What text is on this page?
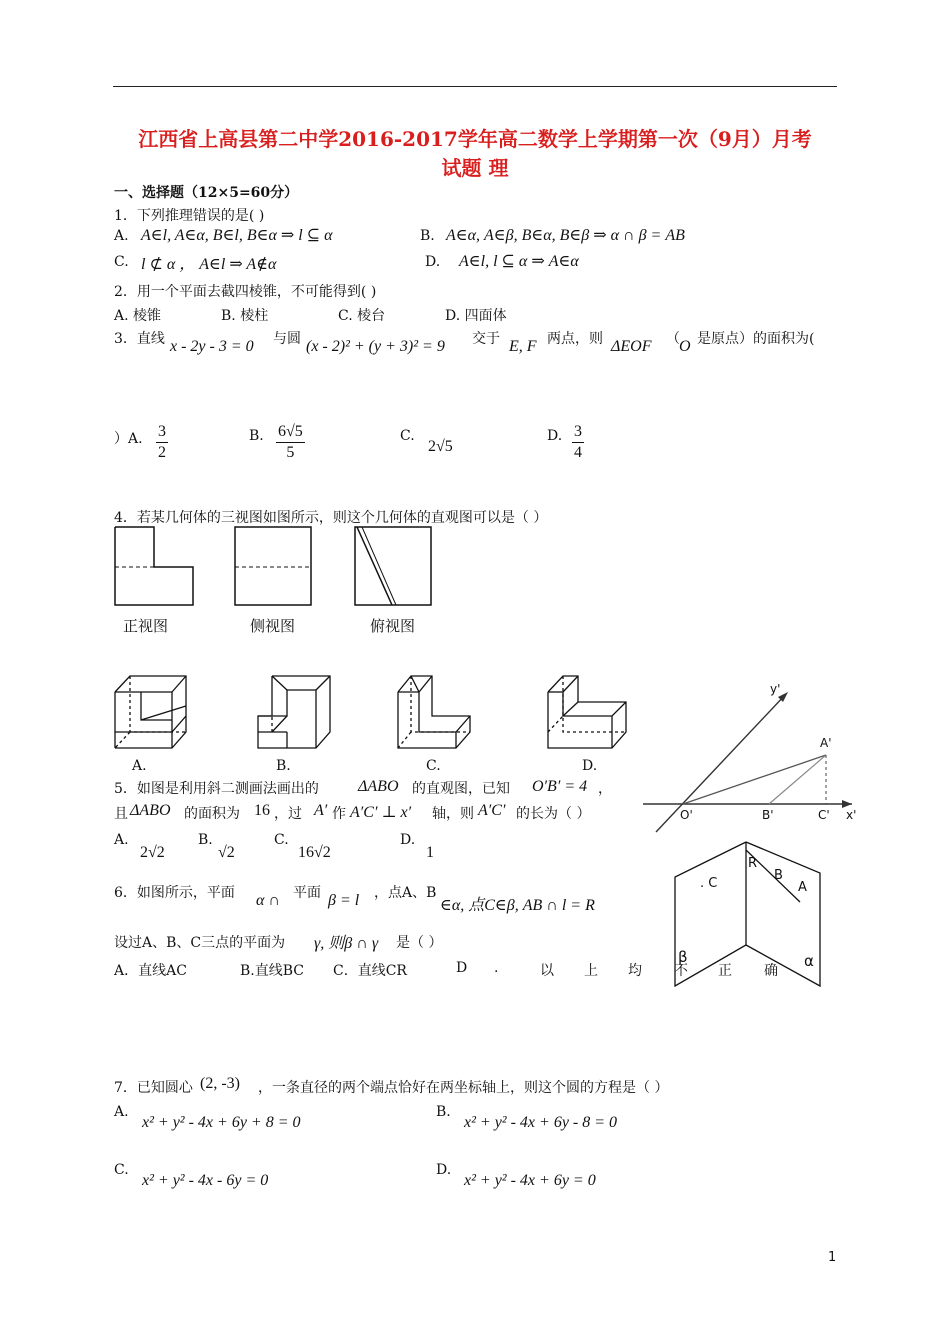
江西省上高县第二中学2016-2017学年高二数学上学期第一次（9月）月考
试题 理
一、选择题（12×5=60分）
1．下列推理错误的是( )
A. A∈l, A∈α, B∈l, B∈α ⇒ l ⊆ α	B. A∈α, A∈β, B∈α, B∈β ⇒ α ∩ β = AB
C. l ⊄ α ， A∈l ⇒ A∉α	D. A∈l, l ⊆ α ⇒ A∈α
2．用一个平面去截四棱锥，不可能得到( )
A. 棱锥	B. 棱柱	C. 棱台	D. 四面体
3．直线 x - 2y - 3 = 0 与圆 (x - 2)² + (y + 3)² = 9 交于 E, F 两点，则 ΔEOF （ O 是原点）的面积为(
）A. $\frac{3}{2}$	B. $\frac{6√5}{5}$	C.
2√5
D. $\frac{3}{4}$
4．若某几何体的三视图如图所示，则这个几何体的直观图可以是（ ）
正视图	侧视图	俯视图
A.	B.	C.	D.
5．如图是利用斜二测画法画出的 ΔABO 的直观图，已知 O′B′ = 4 ，
且 ΔABO 的面积为 16 ，过 A′ 作 A′C′ ⊥ x′ 轴，则 A′C′ 的长为（ ）
A.
2√2
B.
√2
C.
16√2
D.
1
y'
x'
A'
O'	B'	C'
6．如图所示，平面 α ∩ 平面 β = l ，点A、B
∈α, 点C∈β, AB ∩ l = R
设过A、B、C三点的平面为 γ, 则β ∩ γ 是（ ）
A．直线AC	B.直线BC C．直线CR	D .	以 上 均 不 正 确
R
B
A
. C
β	α
7．已知圆心 (2, -3) ，一条直径的两个端点恰好在两坐标轴上，则这个圆的方程是（ ）
A.
x² + y² - 4x + 6y + 8 = 0
B.
x² + y² - 4x + 6y - 8 = 0
C.
x² + y² - 4x - 6y = 0
D.
x² + y² - 4x + 6y = 0
1
